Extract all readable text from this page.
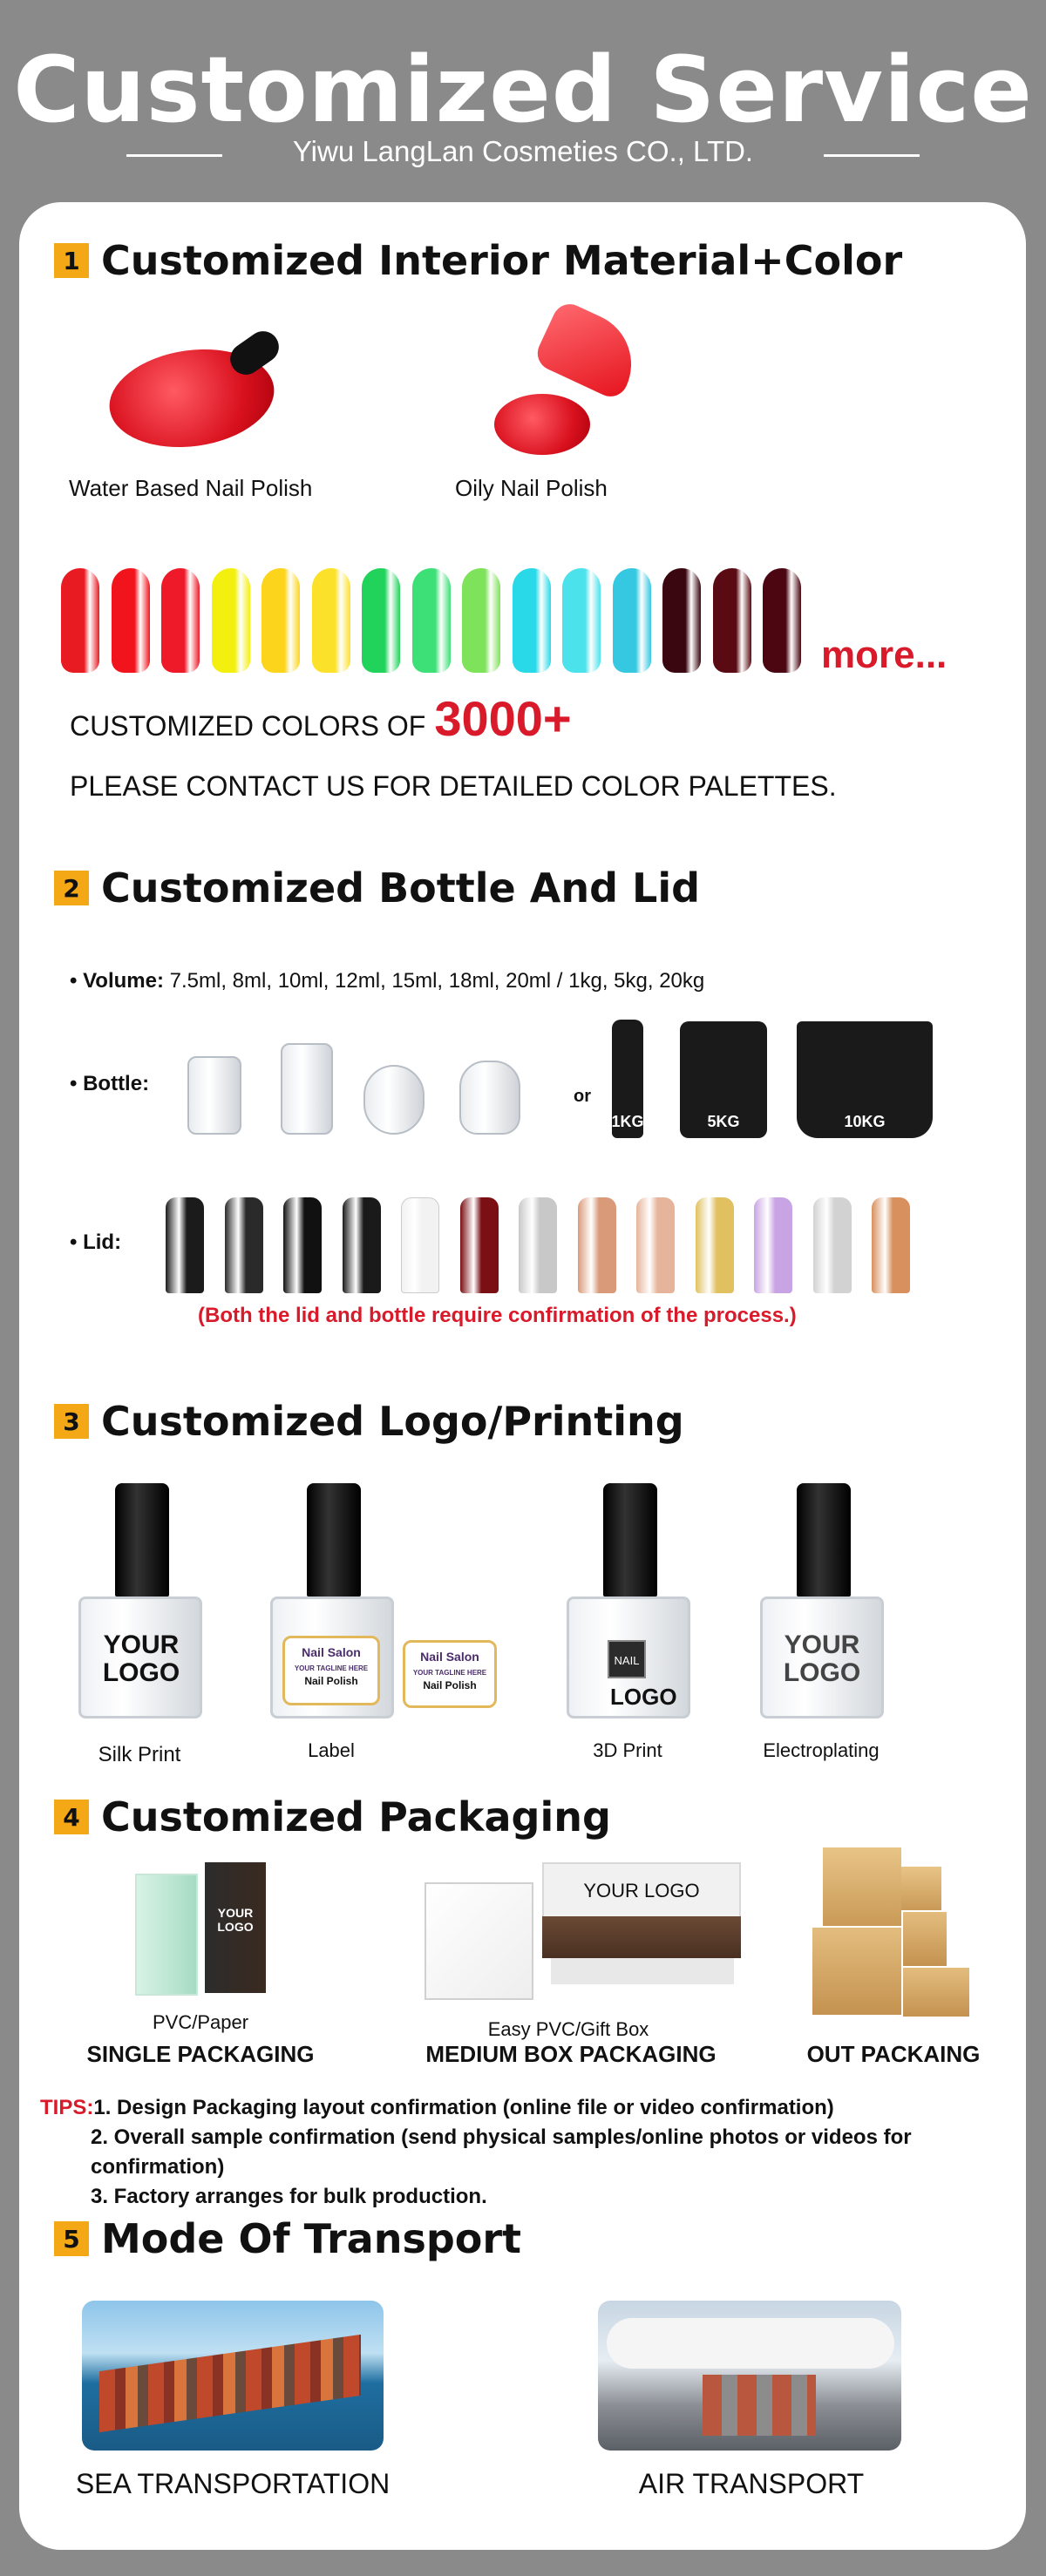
Customized Service
Yiwu LangLan Cosmeties CO., LTD.
1 Customized Interior Material+Color
Water Based Nail Polish	Oily Nail Polish
more...
CUSTOMIZED COLORS OF 3000+
PLEASE CONTACT US FOR DETAILED COLOR PALETTES.
2 Customized Bottle And Lid
• Volume: 7.5ml, 8ml, 10ml, 12ml, 15ml, 18ml, 20ml / 1kg, 5kg, 20kg
• Bottle:
or
1KG	5KG	10KG
• Lid:
(Both the lid and bottle require confirmation of the process.)
3 Customized Logo/Printing
YOUR LOGO
Silk Print
Nail Salon
YOUR TAGLINE HERE
Nail Polish
Nail Salon
YOUR TAGLINE HERE
Nail Polish
Label
NAIL
LOGO
3D Print
YOUR LOGO
Electroplating
4 Customized Packaging
YOUR LOGO
PVC/Paper
SINGLE PACKAGING
YOUR LOGO
Easy PVC/Gift Box
MEDIUM BOX PACKAGING	OUT PACKAING
TIPS:1. Design Packaging layout confirmation (online file or video confirmation)
2. Overall sample confirmation (send physical samples/online photos or videos for confirmation)
3. Factory arranges for bulk production.
5 Mode Of Transport
SEA TRANSPORTATION	AIR TRANSPORT
